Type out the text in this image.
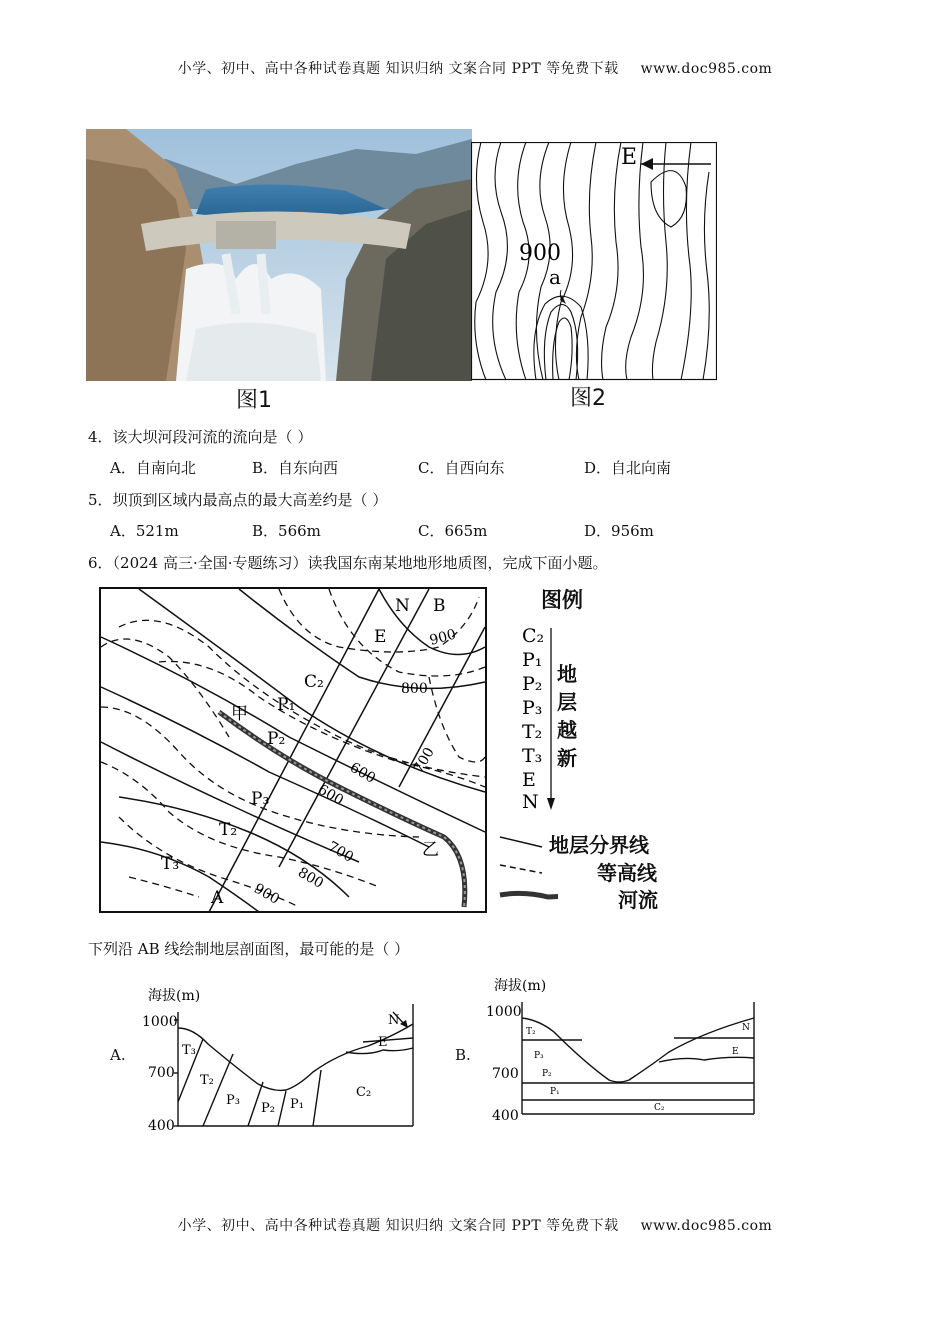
小学、初中、高中各种试卷真题 知识归纳 文案合同 PPT 等免费下载 www.doc985.com
E
900
a
图1	图2
4．该大坝河段河流的流向是（ ）
A．自南向北	B．自东向西	C．自西向东	D．自北向南
5．坝顶到区域内最高点的最大高差约是（ ）
A．521m	B．566m	C．665m	D．956m
6．（2024 高三·全国·专题练习）读我国东南某地地形地质图，完成下面小题。
C₂
P₁
P₂
P₃
T₂
T₃
E
N B
A
甲
乙
900
800
700
600
600
700
800
900
图例
C₂
P₁
P₂
P₃
T₂
T₃
E
N
地层越新
地层分界线
等高线
河流
下列沿 AB 线绘制地层剖面图，最可能的是（ ）
A.
海拔(m)
1000
700
400
T₃
T₂
P₃
P₂ P₁
C₂
E
N
B.
海拔(m)
1000
700
400
T₂
P₃
P₂
P₁
C₂
E
N
小学、初中、高中各种试卷真题 知识归纳 文案合同 PPT 等免费下载 www.doc985.com
